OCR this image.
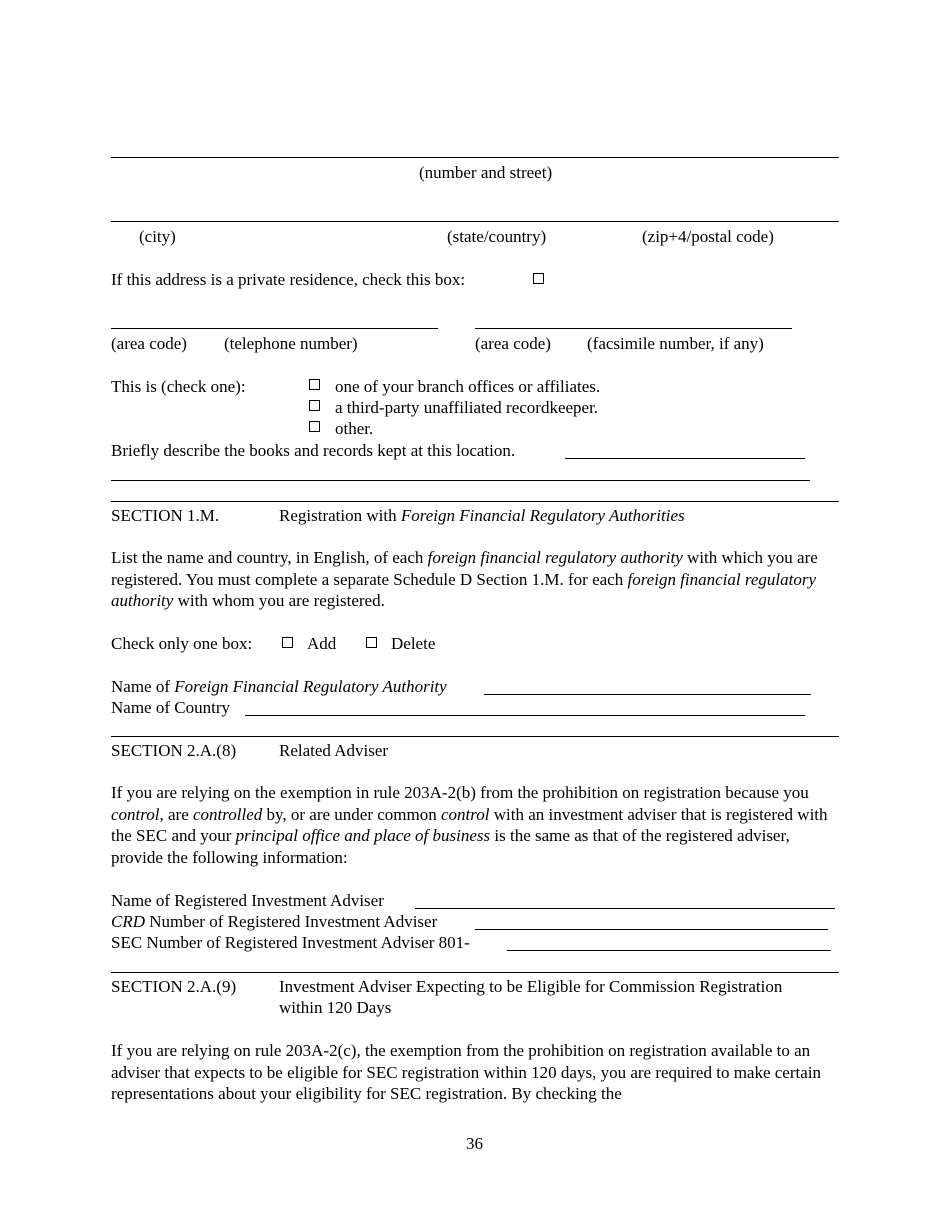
(number and street)
(city)	(state/country)	(zip+4/postal code)
If this address is a private residence, check this box:
(area code) (telephone number)	(area code) (facsimile number, if any)
This is (check one):	one of your branch offices or affiliates.
a third-party unaffiliated recordkeeper.
other.
Briefly describe the books and records kept at this location.
SECTION 1.M.	Registration with Foreign Financial Regulatory Authorities
List the name and country, in English, of each foreign financial regulatory authority with which you are registered. You must complete a separate Schedule D Section 1.M. for each foreign financial regulatory authority with whom you are registered.
Check only one box:	Add	Delete
Name of Foreign Financial Regulatory Authority
Name of Country
SECTION 2.A.(8)	Related Adviser
If you are relying on the exemption in rule 203A-2(b) from the prohibition on registration because you control, are controlled by, or are under common control with an investment adviser that is registered with the SEC and your principal office and place of business is the same as that of the registered adviser, provide the following information:
Name of Registered Investment Adviser
CRD Number of Registered Investment Adviser
SEC Number of Registered Investment Adviser 801-
SECTION 2.A.(9)	Investment Adviser Expecting to be Eligible for Commission Registration
within 120 Days
If you are relying on rule 203A-2(c), the exemption from the prohibition on registration available to an adviser that expects to be eligible for SEC registration within 120 days, you are required to make certain representations about your eligibility for SEC registration. By checking the
36
